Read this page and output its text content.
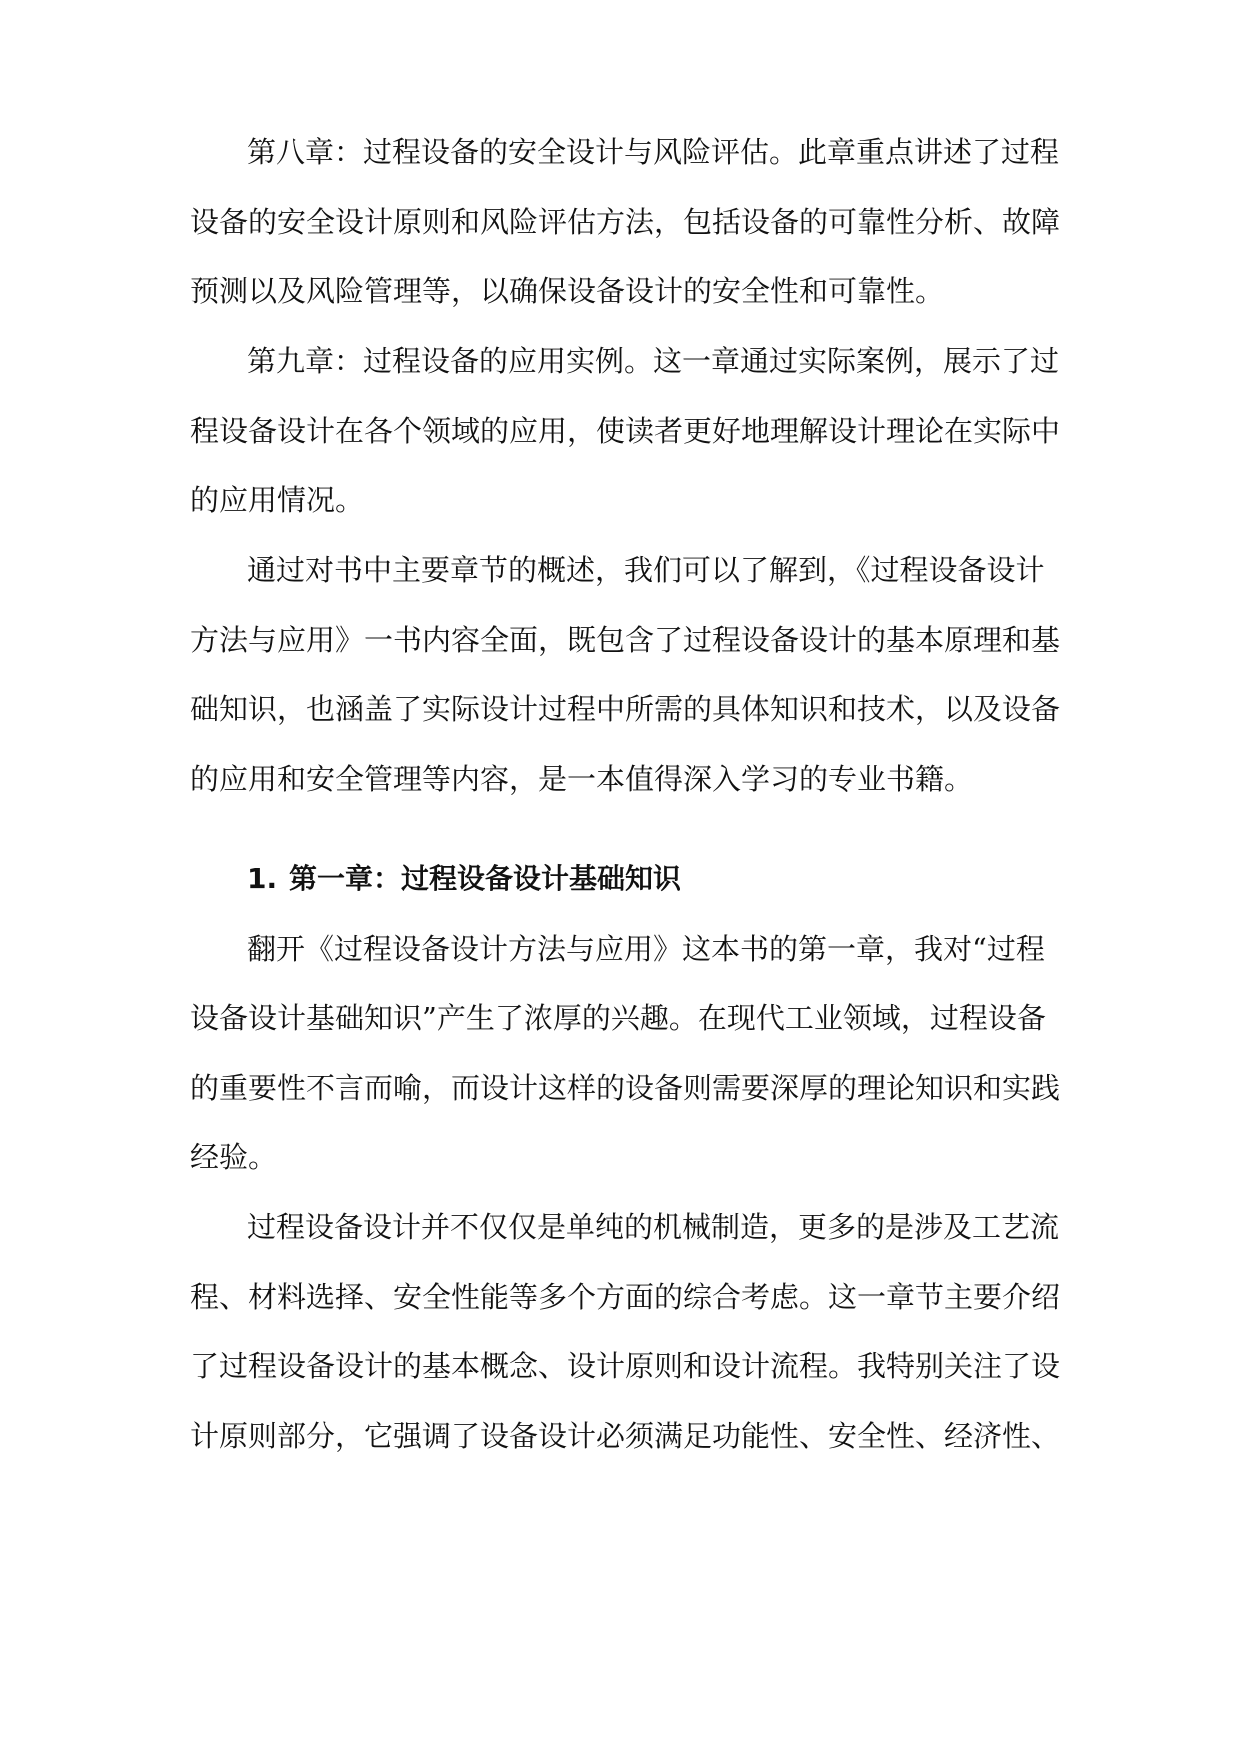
第八章：过程设备的安全设计与风险评估。此章重点讲述了过程
设备的安全设计原则和风险评估方法，包括设备的可靠性分析、故障
预测以及风险管理等，以确保设备设计的安全性和可靠性。
第九章：过程设备的应用实例。这一章通过实际案例，展示了过
程设备设计在各个领域的应用，使读者更好地理解设计理论在实际中
的应用情况。
通过对书中主要章节的概述，我们可以了解到，《过程设备设计
方法与应用》一书内容全面，既包含了过程设备设计的基本原理和基
础知识，也涵盖了实际设计过程中所需的具体知识和技术，以及设备
的应用和安全管理等内容，是一本值得深入学习的专业书籍。
1. 第一章：过程设备设计基础知识
翻开《过程设备设计方法与应用》这本书的第一章，我对“过程
设备设计基础知识”产生了浓厚的兴趣。在现代工业领域，过程设备
的重要性不言而喻，而设计这样的设备则需要深厚的理论知识和实践
经验。
过程设备设计并不仅仅是单纯的机械制造，更多的是涉及工艺流
程、材料选择、安全性能等多个方面的综合考虑。这一章节主要介绍
了过程设备设计的基本概念、设计原则和设计流程。我特别关注了设
计原则部分，它强调了设备设计必须满足功能性、安全性、经济性、
